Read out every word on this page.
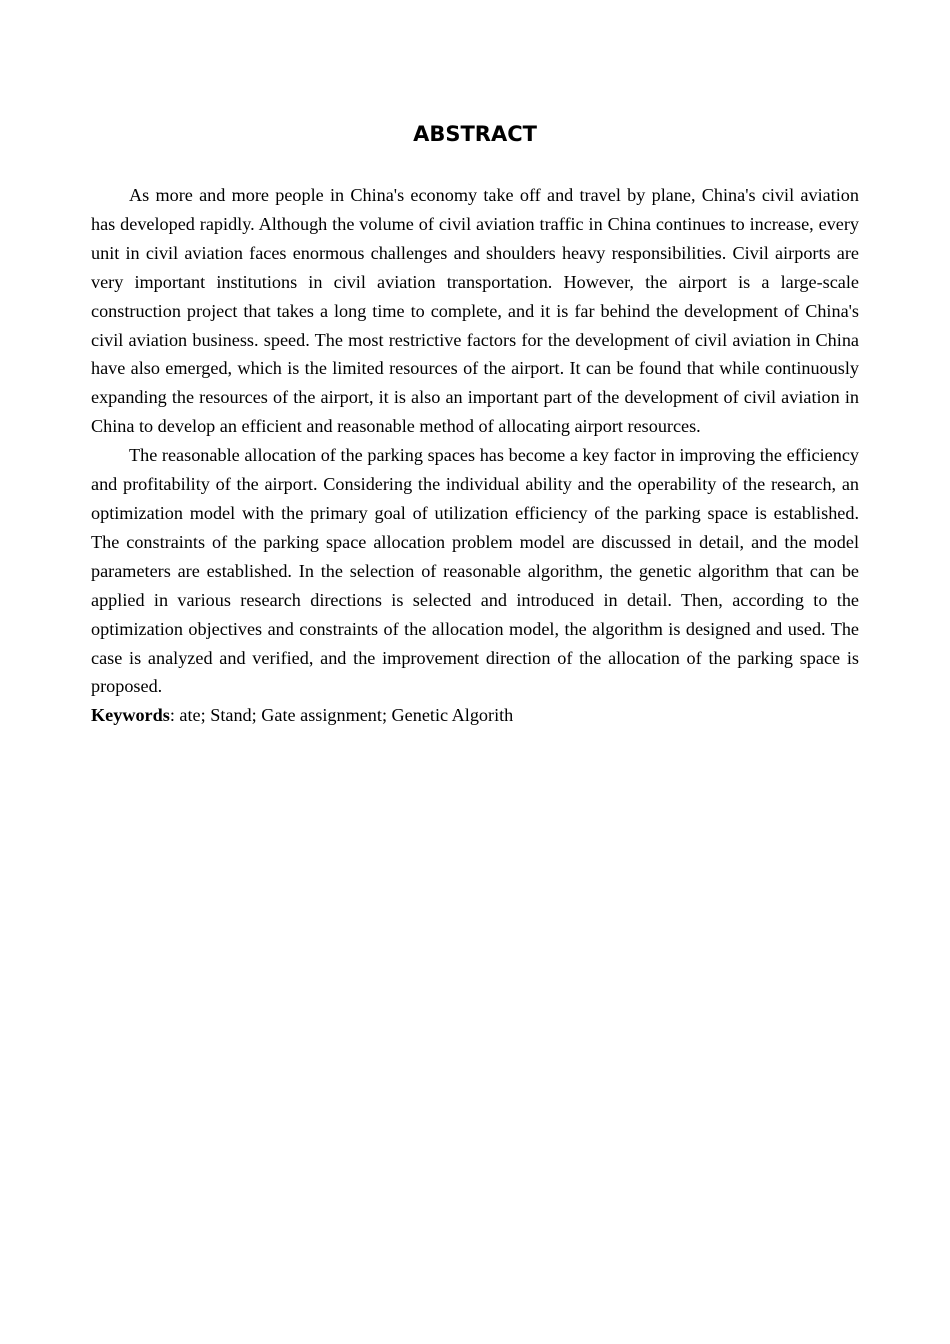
ABSTRACT

As more and more people in China's economy take off and travel by plane, China's civil aviation has developed rapidly. Although the volume of civil aviation traffic in China continues to increase, every unit in civil aviation faces enormous challenges and shoulders heavy responsibilities. Civil airports are very important institutions in civil aviation transportation. However, the airport is a large-scale construction project that takes a long time to complete, and it is far behind the development of China's civil aviation business. speed. The most restrictive factors for the development of civil aviation in China have also emerged, which is the limited resources of the airport. It can be found that while continuously expanding the resources of the airport, it is also an important part of the development of civil aviation in China to develop an efficient and reasonable method of allocating airport resources.

The reasonable allocation of the parking spaces has become a key factor in improving the efficiency and profitability of the airport. Considering the individual ability and the operability of the research, an optimization model with the primary goal of utilization efficiency of the parking space is established. The constraints of the parking space allocation problem model are discussed in detail, and the model parameters are established. In the selection of reasonable algorithm, the genetic algorithm that can be applied in various research directions is selected and introduced in detail. Then, according to the optimization objectives and constraints of the allocation model, the algorithm is designed and used. The case is analyzed and verified, and the improvement direction of the allocation of the parking space is proposed.

Keywords: ate; Stand; Gate assignment; Genetic Algorith
